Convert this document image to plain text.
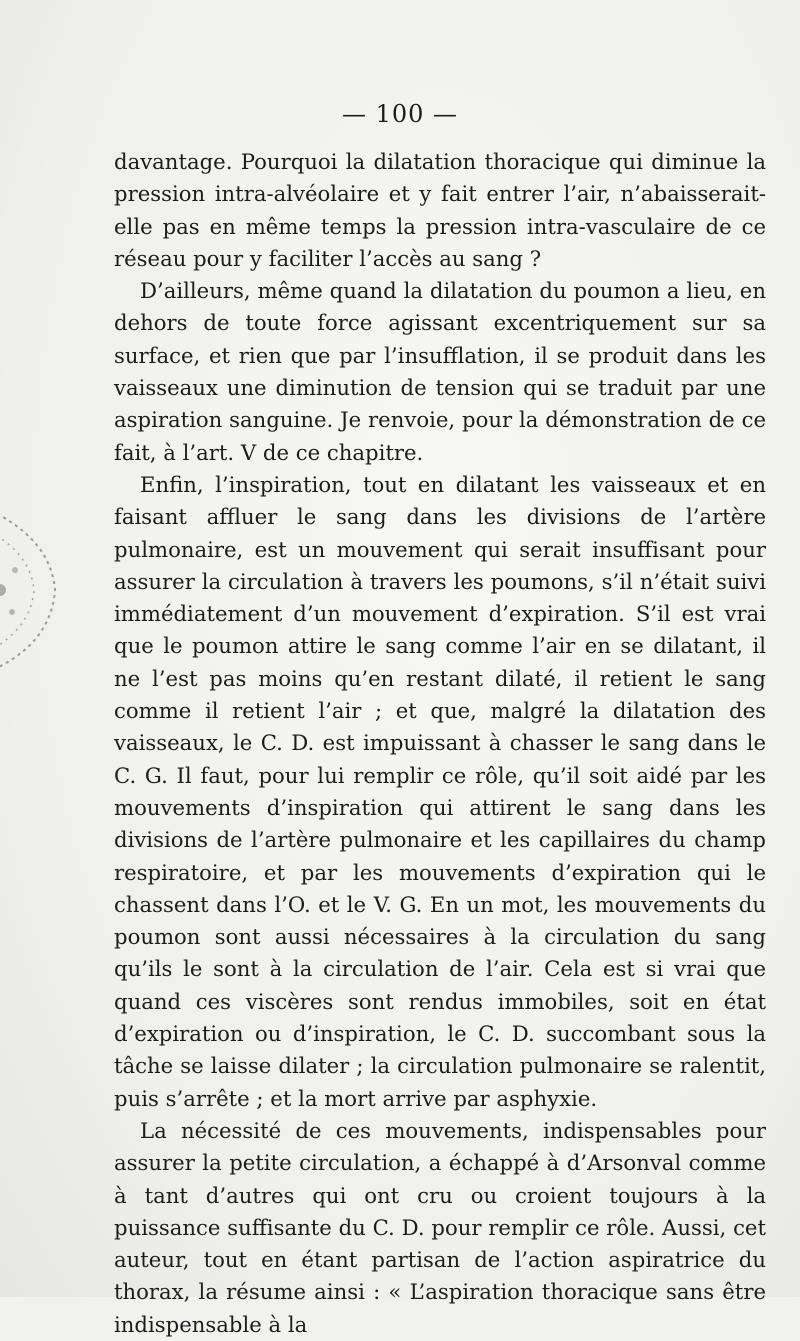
— 100 —

davantage. Pourquoi la dilatation thoracique qui diminue la pression intra-alvéolaire et y fait entrer l’air, n’abaisserait-elle pas en même temps la pression intra-vasculaire de ce réseau pour y faciliter l’accès au sang ?

D’ailleurs, même quand la dilatation du poumon a lieu, en dehors de toute force agissant excentriquement sur sa surface, et rien que par l’insufflation, il se produit dans les vaisseaux une diminution de tension qui se traduit par une aspiration sanguine. Je renvoie, pour la démonstration de ce fait, à l’art. V de ce chapitre.

Enfin, l’inspiration, tout en dilatant les vaisseaux et en faisant affluer le sang dans les divisions de l’artère pulmonaire, est un mouvement qui serait insuffisant pour assurer la circulation à travers les poumons, s’il n’était suivi immédiatement d’un mouvement d’expiration. S’il est vrai que le poumon attire le sang comme l’air en se dilatant, il ne l’est pas moins qu’en restant dilaté, il retient le sang comme il retient l’air ; et que, malgré la dilatation des vaisseaux, le C. D. est impuissant à chasser le sang dans le C. G. Il faut, pour lui remplir ce rôle, qu’il soit aidé par les mouvements d’inspiration qui attirent le sang dans les divisions de l’artère pulmonaire et les capillaires du champ respiratoire, et par les mouvements d’expiration qui le chassent dans l’O. et le V. G. En un mot, les mouvements du poumon sont aussi nécessaires à la circulation du sang qu’ils le sont à la circulation de l’air. Cela est si vrai que quand ces viscères sont rendus immobiles, soit en état d’expiration ou d’inspiration, le C. D. succombant sous la tâche se laisse dilater ; la circulation pulmonaire se ralentit, puis s’arrête ; et la mort arrive par asphyxie.

La nécessité de ces mouvements, indispensables pour assurer la petite circulation, a échappé à d’Arsonval comme à tant d’autres qui ont cru ou croient toujours à la puissance suffisante du C. D. pour remplir ce rôle. Aussi, cet auteur, tout en étant partisan de l’action aspiratrice du thorax, la résume ainsi : « L’aspiration thoracique sans être indispensable à la
